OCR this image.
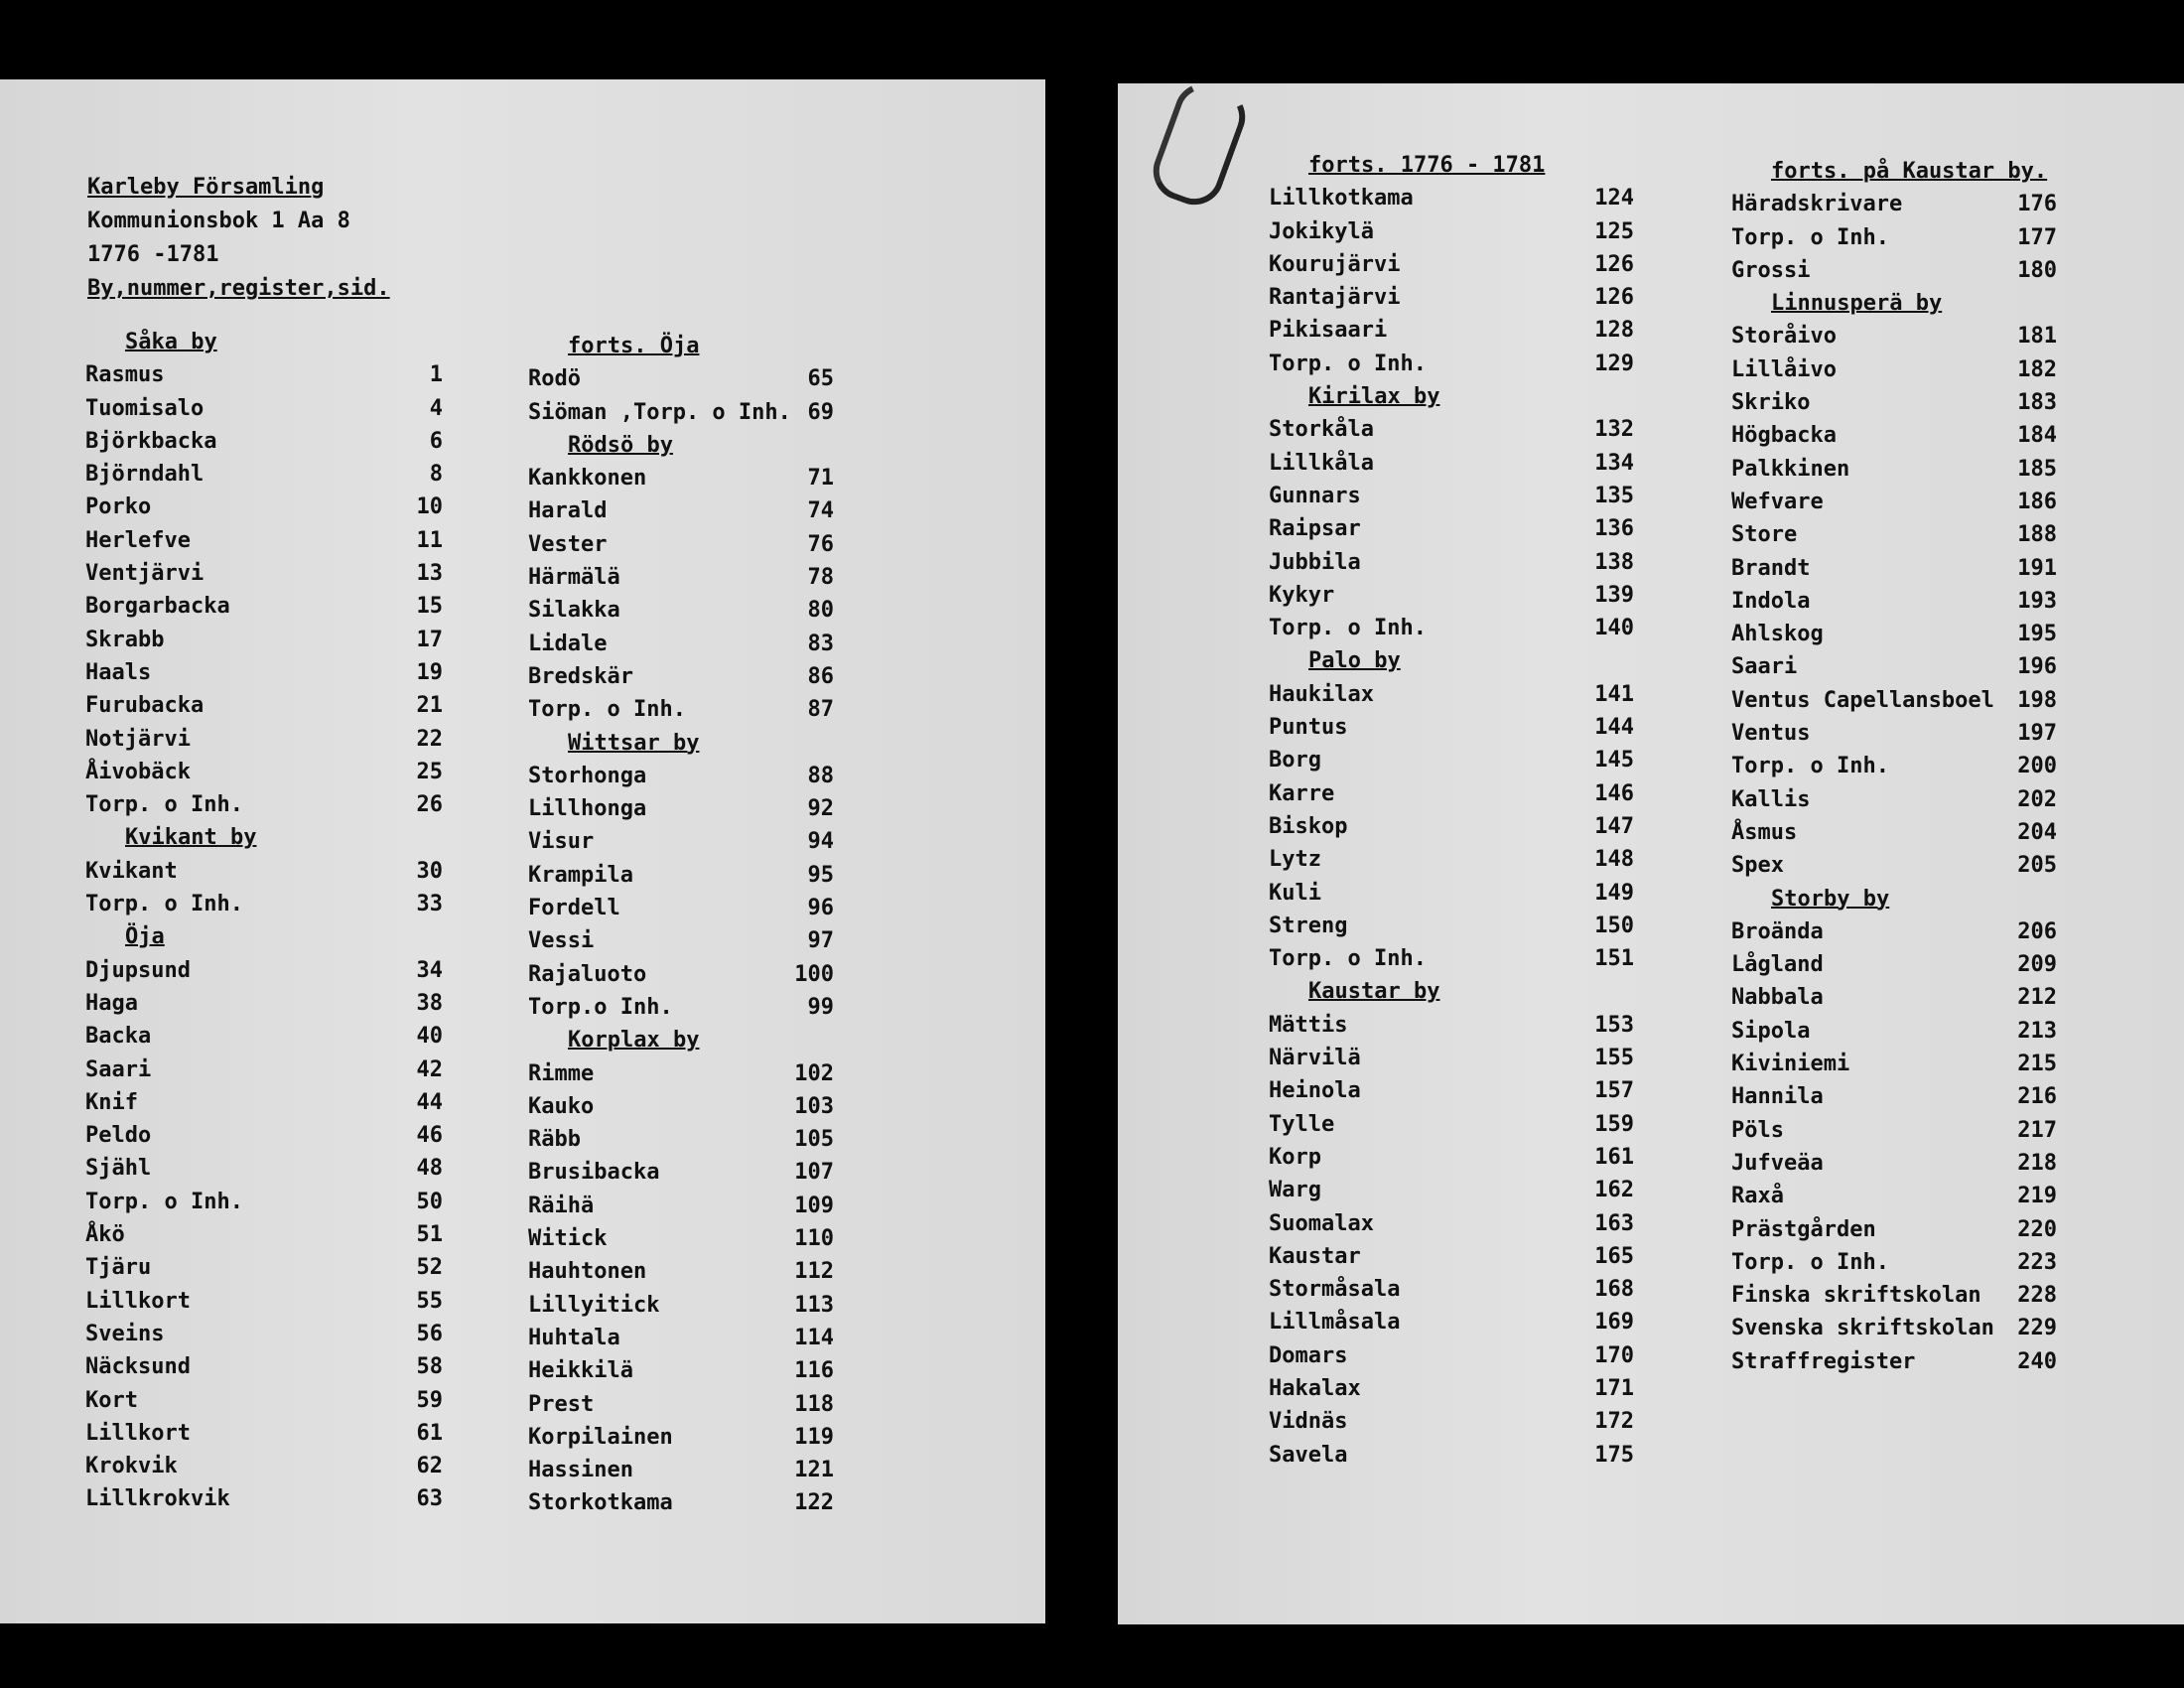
Karleby Församling

Kommunionsbok 1 Aa 8

1776 -1781

By,nummer,register,sid.

Såka by
Rasmus	1
Tuomisalo	4
Björkbacka	6
Björndahl	8
Porko	10
Herlefve	11
Ventjärvi	13
Borgarbacka	15
Skrabb	17
Haals	19
Furubacka	21
Notjärvi	22
Åivobäck	25
Torp. o Inh.	26
Kvikant by
Kvikant	30
Torp. o Inh.	33
Öja
Djupsund	34
Haga	38
Backa	40
Saari	42
Knif	44
Peldo	46
Sjähl	48
Torp. o Inh.	50
Åkö	51
Tjäru	52
Lillkort	55
Sveins	56
Näcksund	58
Kort	59
Lillkort	61
Krokvik	62
Lillkrokvik	63
forts. Öja
Rodö	65
Siöman ,Torp. o Inh. 69
Rödsö by
Kankkonen	71
Harald	74
Vester	76
Härmälä	78
Silakka	80
Lidale	83
Bredskär	86
Torp. o Inh.	87
Wittsar by
Storhonga	88
Lillhonga	92
Visur	94
Krampila	95
Fordell	96
Vessi	97
Rajaluoto	100
Torp.o Inh.	99
Korplax by
Rimme	102
Kauko	103
Räbb	105
Brusibacka	107
Räihä	109
Witick	110
Hauhtonen	112
Lillyitick	113
Huhtala	114
Heikkilä	116
Prest	118
Korpilainen	119
Hassinen	121
Storkotkama	122
forts. 1776 - 1781
Lillkotkama	124
Jokikylä	125
Kourujärvi	126
Rantajärvi	126
Pikisaari	128
Torp. o Inh.	129
Kirilax by
Storkåla	132
Lillkåla	134
Gunnars	135
Raipsar	136
Jubbila	138
Kykyr	139
Torp. o Inh.	140
Palo by
Haukilax	141
Puntus	144
Borg	145
Karre	146
Biskop	147
Lytz	148
Kuli	149
Streng	150
Torp. o Inh.	151
Kaustar by
Mättis	153
Närvilä	155
Heinola	157
Tylle	159
Korp	161
Warg	162
Suomalax	163
Kaustar	165
Stormåsala	168
Lillmåsala	169
Domars	170
Hakalax	171
Vidnäs	172
Savela	175
forts. på Kaustar by.
Häradskrivare	176
Torp. o Inh.	177
Grossi	180
Linnusperä by
Storåivo	181
Lillåivo	182
Skriko	183
Högbacka	184
Palkkinen	185
Wefvare	186
Store	188
Brandt	191
Indola	193
Ahlskog	195
Saari	196
Ventus Capellansboel 198
Ventus	197
Torp. o Inh.	200
Kallis	202
Åsmus	204
Spex	205
Storby by
Broända	206
Lågland	209
Nabbala	212
Sipola	213
Kiviniemi	215
Hannila	216
Pöls	217
Jufveäa	218
Raxå	219
Prästgården	220
Torp. o Inh.	223
Finska skriftskolan 228
Svenska skriftskolan 229
Straffregister	240
